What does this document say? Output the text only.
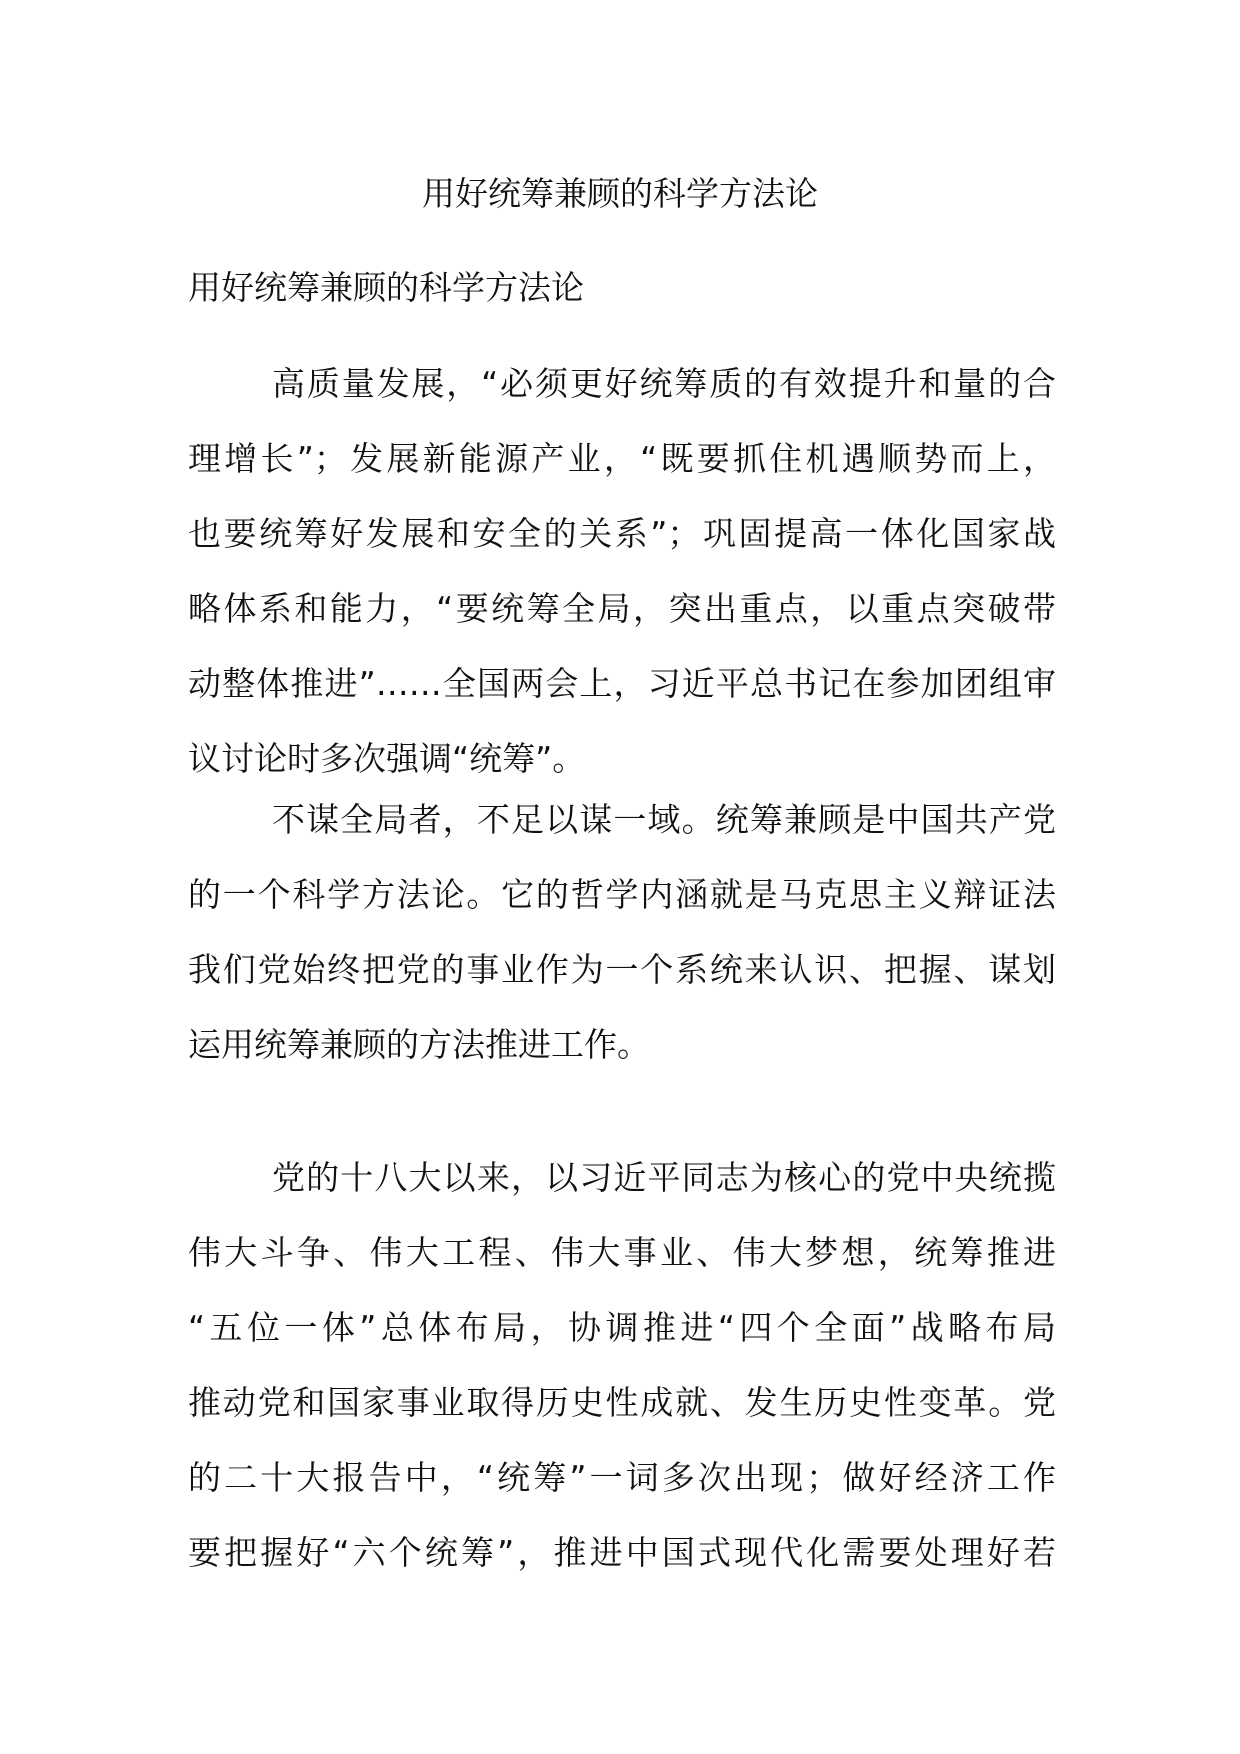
用好统筹兼顾的科学方法论
用好统筹兼顾的科学方法论
高质量发展，“必须更好统筹质的有效提升和量的合
理增长”；发展新能源产业，“既要抓住机遇顺势而上，
也要统筹好发展和安全的关系”；巩固提高一体化国家战
略体系和能力，“要统筹全局，突出重点，以重点突破带
动整体推进”……全国两会上，习近平总书记在参加团组审
议讨论时多次强调“统筹”。
不谋全局者，不足以谋一域。统筹兼顾是中国共产党
的一个科学方法论。它的哲学内涵就是马克思主义辩证法
我们党始终把党的事业作为一个系统来认识、把握、谋划
运用统筹兼顾的方法推进工作。
党的十八大以来，以习近平同志为核心的党中央统揽
伟大斗争、伟大工程、伟大事业、伟大梦想，统筹推进
“五位一体”总体布局，协调推进“四个全面”战略布局
推动党和国家事业取得历史性成就、发生历史性变革。党
的二十大报告中，“统筹”一词多次出现；做好经济工作
要把握好“六个统筹”，推进中国式现代化需要处理好若
